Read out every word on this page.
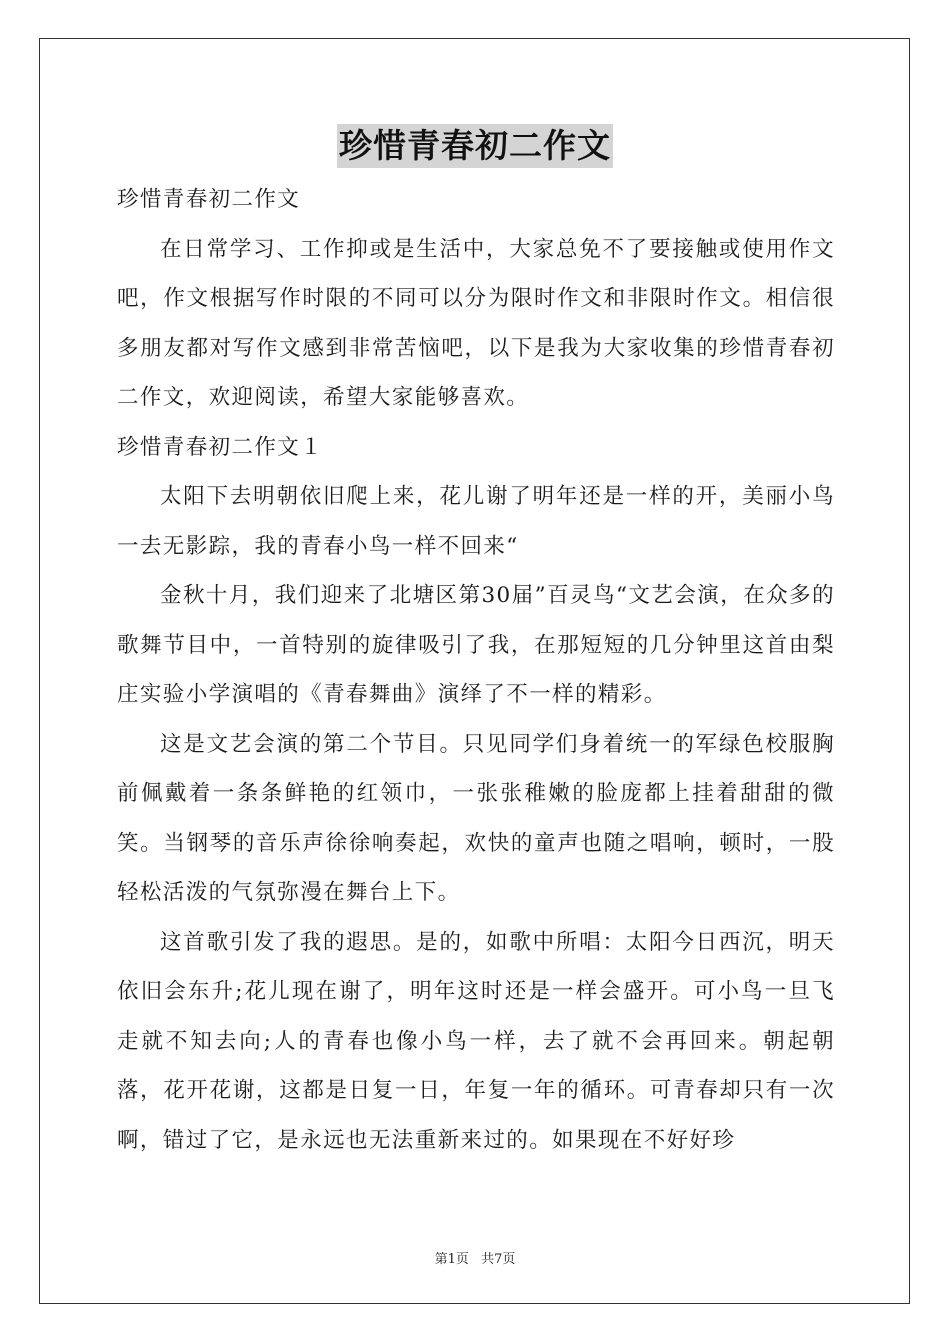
珍惜青春初二作文

珍惜青春初二作文

在日常学习、工作抑或是生活中，大家总免不了要接触或使用作文吧，作文根据写作时限的不同可以分为限时作文和非限时作文。相信很多朋友都对写作文感到非常苦恼吧，以下是我为大家收集的珍惜青春初二作文，欢迎阅读，希望大家能够喜欢。

珍惜青春初二作文１

太阳下去明朝依旧爬上来，花儿谢了明年还是一样的开，美丽小鸟一去无影踪，我的青春小鸟一样不回来“

金秋十月，我们迎来了北塘区第30届”百灵鸟“文艺会演，在众多的歌舞节目中，一首特别的旋律吸引了我，在那短短的几分钟里这首由梨庄实验小学演唱的《青春舞曲》演绎了不一样的精彩。

这是文艺会演的第二个节目。只见同学们身着统一的军绿色校服胸前佩戴着一条条鲜艳的红领巾，一张张稚嫩的脸庞都上挂着甜甜的微笑。当钢琴的音乐声徐徐响奏起，欢快的童声也随之唱响，顿时，一股轻松活泼的气氛弥漫在舞台上下。

这首歌引发了我的遐思。是的，如歌中所唱：太阳今日西沉，明天依旧会东升;花儿现在谢了，明年这时还是一样会盛开。可小鸟一旦飞走就不知去向;人的青春也像小鸟一样，去了就不会再回来。朝起朝落，花开花谢，这都是日复一日，年复一年的循环。可青春却只有一次啊，错过了它，是永远也无法重新来过的。如果现在不好好珍

第1页 共7页
